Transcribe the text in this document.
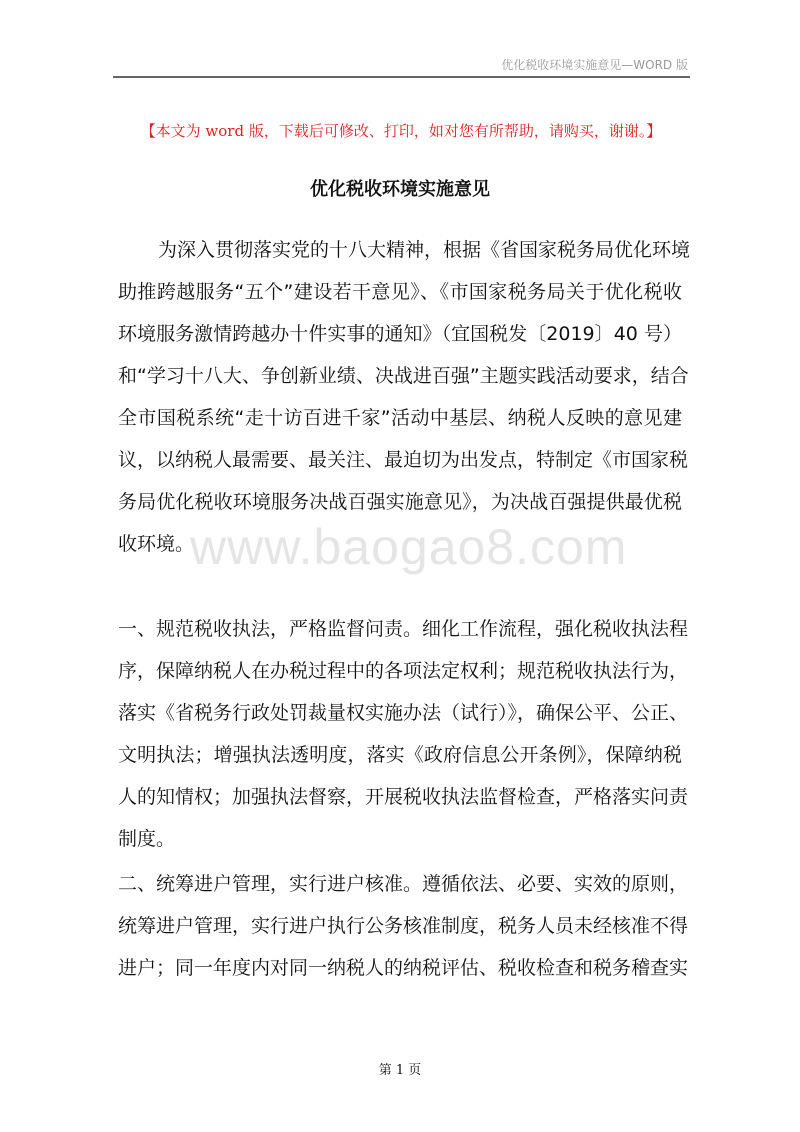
优化税收环境实施意见—WORD 版
【本文为 word 版，下载后可修改、打印，如对您有所帮助，请购买，谢谢。】
优化税收环境实施意见
为深入贯彻落实党的十八大精神，根据《省国家税务局优化环境
助推跨越服务“五个”建设若干意见》、《市国家税务局关于优化税收
环境服务激情跨越办十件实事的通知》（宜国税发〔2019〕40 号）
和“学习十八大、争创新业绩、决战进百强”主题实践活动要求，结合
全市国税系统“走十访百进千家”活动中基层、纳税人反映的意见建
议，以纳税人最需要、最关注、最迫切为出发点，特制定《市国家税
务局优化税收环境服务决战百强实施意见》，为决战百强提供最优税
收环境。
www.baogao8.com
一、规范税收执法，严格监督问责。细化工作流程，强化税收执法程
序，保障纳税人在办税过程中的各项法定权利；规范税收执法行为，
落实《省税务行政处罚裁量权实施办法（试行）》，确保公平、公正、
文明执法；增强执法透明度，落实《政府信息公开条例》，保障纳税
人的知情权；加强执法督察，开展税收执法监督检查，严格落实问责
制度。
二、统筹进户管理，实行进户核准。遵循依法、必要、实效的原则，
统筹进户管理，实行进户执行公务核准制度，税务人员未经核准不得
进户；同一年度内对同一纳税人的纳税评估、税收检查和税务稽查实
第 1 页
